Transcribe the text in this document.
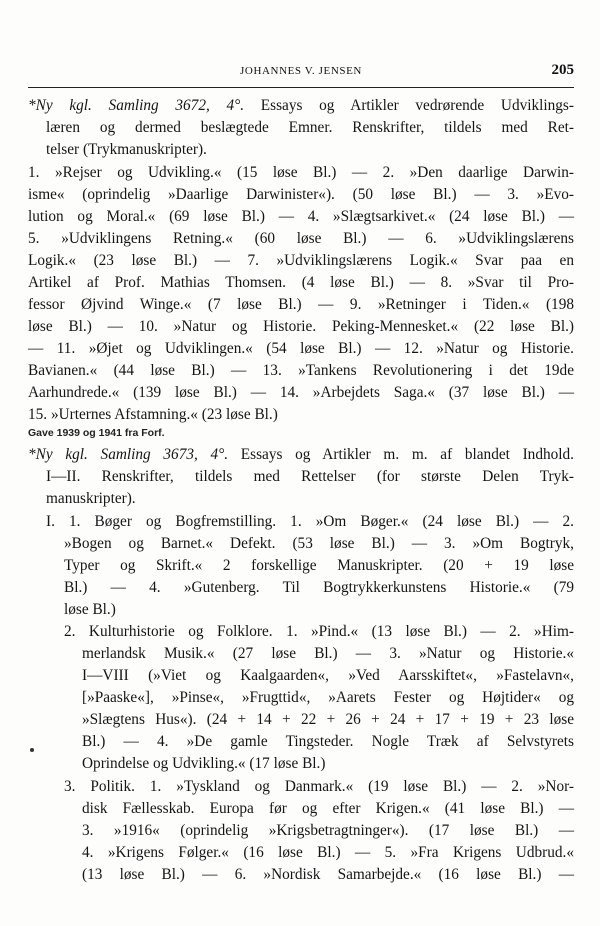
JOHANNES V. JENSEN	205
*Ny kgl. Samling 3672, 4°. Essays og Artikler vedrørende Udviklings-
læren og dermed beslægtede Emner. Renskrifter, tildels med Ret-
telser (Trykmanuskripter).
1. »Rejser og Udvikling.« (15 løse Bl.) — 2. »Den daarlige Darwin-
isme« (oprindelig »Daarlige Darwinister«). (50 løse Bl.) — 3. »Evo-
lution og Moral.« (69 løse Bl.) — 4. »Slægtsarkivet.« (24 løse Bl.) —
5. »Udviklingens Retning.« (60 løse Bl.) — 6. »Udviklingslærens
Logik.« (23 løse Bl.) — 7. »Udviklingslærens Logik.« Svar paa en
Artikel af Prof. Mathias Thomsen. (4 løse Bl.) — 8. »Svar til Pro-
fessor Øjvind Winge.« (7 løse Bl.) — 9. »Retninger i Tiden.« (198
løse Bl.) — 10. »Natur og Historie. Peking-Mennesket.« (22 løse Bl.)
— 11. »Øjet og Udviklingen.« (54 løse Bl.) — 12. »Natur og Historie.
Bavianen.« (44 løse Bl.) — 13. »Tankens Revolutionering i det 19de
Aarhundrede.« (139 løse Bl.) — 14. »Arbejdets Saga.« (37 løse Bl.) —
15. »Urternes Afstamning.« (23 løse Bl.)
Gave 1939 og 1941 fra Forf.
*Ny kgl. Samling 3673, 4°. Essays og Artikler m. m. af blandet Indhold.
I—II. Renskrifter, tildels med Rettelser (for største Delen Tryk-
manuskripter).
I. 1. Bøger og Bogfremstilling. 1. »Om Bøger.« (24 løse Bl.) — 2.
»Bogen og Barnet.« Defekt. (53 løse Bl.) — 3. »Om Bogtryk,
Typer og Skrift.« 2 forskellige Manuskripter. (20 + 19 løse
Bl.) — 4. »Gutenberg. Til Bogtrykkerkunstens Historie.« (79
løse Bl.)
2. Kulturhistorie og Folklore. 1. »Pind.« (13 løse Bl.) — 2. »Him-
merlandsk Musik.« (27 løse Bl.) — 3. »Natur og Historie.«
I—VIII (»Viet og Kaalgaarden«, »Ved Aarsskiftet«, »Fastelavn«,
[»Paaske«], »Pinse«, »Frugttid«, »Aarets Fester og Højtider« og
»Slægtens Hus«). (24 + 14 + 22 + 26 + 24 + 17 + 19 + 23 løse
Bl.) — 4. »De gamle Tingsteder. Nogle Træk af Selvstyrets
Oprindelse og Udvikling.« (17 løse Bl.)
3. Politik. 1. »Tyskland og Danmark.« (19 løse Bl.) — 2. »Nor-
disk Fællesskab. Europa før og efter Krigen.« (41 løse Bl.) —
3. »1916« (oprindelig »Krigsbetragtninger«). (17 løse Bl.) —
4. »Krigens Følger.« (16 løse Bl.) — 5. »Fra Krigens Udbrud.«
(13 løse Bl.) — 6. »Nordisk Samarbejde.« (16 løse Bl.) —
